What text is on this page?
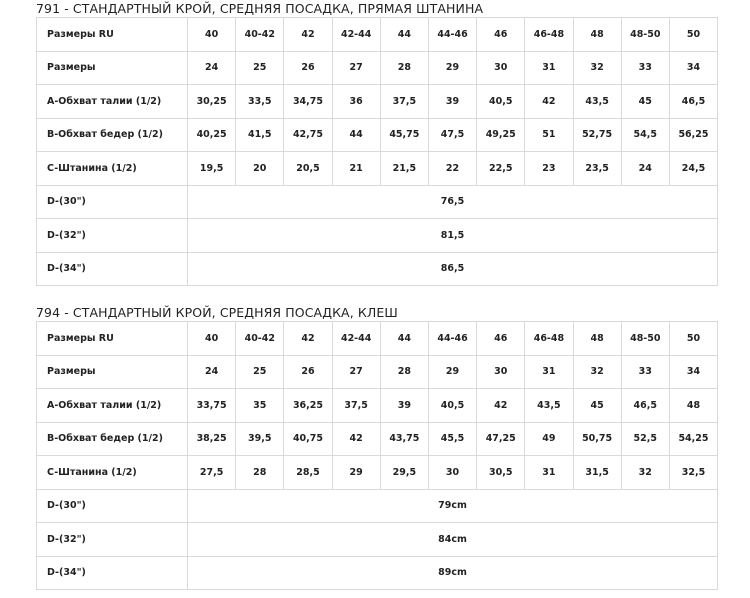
791 - СТАНДАРТНЫЙ КРОЙ, СРЕДНЯЯ ПОСАДКА, ПРЯМАЯ ШТАНИНА
Размеры RU	40	40-42	42	42-44	44	44-46	46	46-48	48	48-50	50
Размеры	24	25	26	27	28	29	30	31	32	33	34
A-Обхват талии (1/2)	30,25	33,5	34,75	36	37,5	39	40,5	42	43,5	45	46,5
B-Обхват бедер (1/2)	40,25	41,5	42,75	44	45,75	47,5	49,25	51	52,75	54,5	56,25
C-Штанина (1/2)	19,5	20	20,5	21	21,5	22	22,5	23	23,5	24	24,5
D-(30")	76,5										
D-(32")	81,5										
D-(34")	86,5										
794 - СТАНДАРТНЫЙ КРОЙ, СРЕДНЯЯ ПОСАДКА, КЛЕШ
Размеры RU	40	40-42	42	42-44	44	44-46	46	46-48	48	48-50	50
Размеры	24	25	26	27	28	29	30	31	32	33	34
A-Обхват талии (1/2)	33,75	35	36,25	37,5	39	40,5	42	43,5	45	46,5	48
B-Обхват бедер (1/2)	38,25	39,5	40,75	42	43,75	45,5	47,25	49	50,75	52,5	54,25
C-Штанина (1/2)	27,5	28	28,5	29	29,5	30	30,5	31	31,5	32	32,5
D-(30")	79cm										
D-(32")	84cm										
D-(34")	89cm										
